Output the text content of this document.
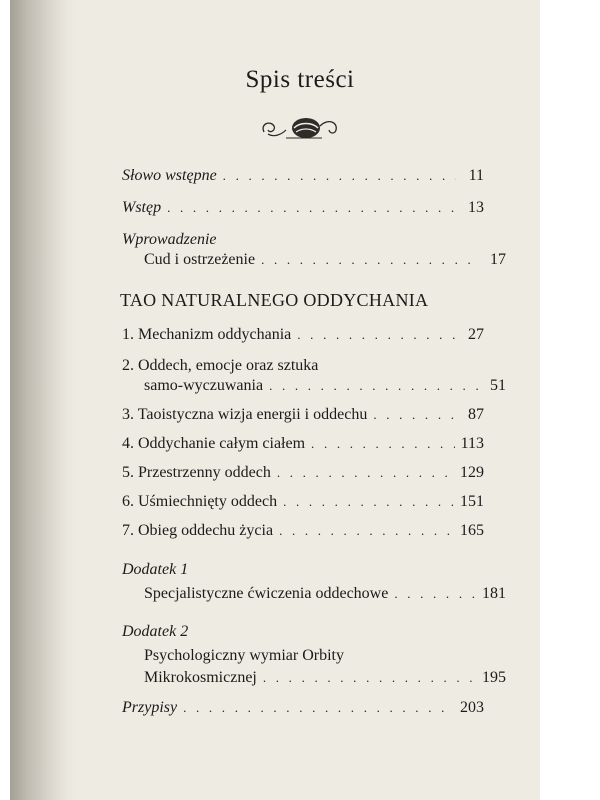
Spis treści
Słowo wstępne . . .	11
Wstęp . . .	13
Wprowadzenie
Cud i ostrzeżenie . . .	17
TAO NATURALNEGO ODDYCHANIA
1. Mechanizm oddychania . . .	27
2. Oddech, emocje oraz sztuka
samo-wyczuwania . . .	51
3. Taoistyczna wizja energii i oddechu . . .	87
4. Oddychanie całym ciałem . . .	113
5. Przestrzenny oddech . . .	129
6. Uśmiechnięty oddech . . .	151
7. Obieg oddechu życia . . .	165
Dodatek 1
Specjalistyczne ćwiczenia oddechowe . . .	181
Dodatek 2
Psychologiczny wymiar Orbity
Mikrokosmicznej . . .	195
Przypisy . . .	203
